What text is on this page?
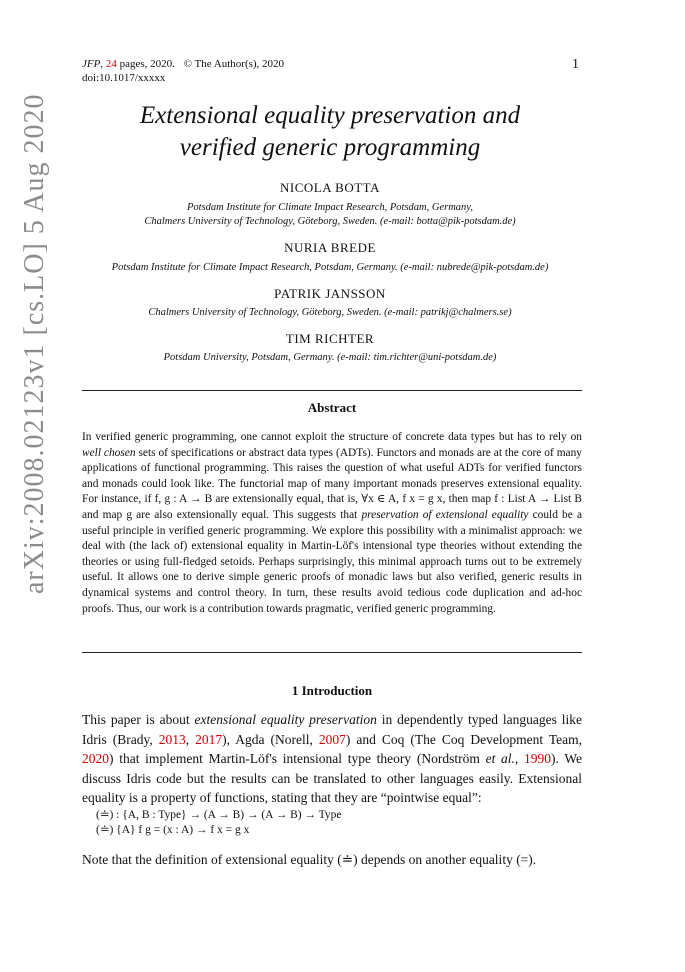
arXiv:2008.02123v1 [cs.LO] 5 Aug 2020
JFP, 24 pages, 2020. © The Author(s), 2020
doi:10.1017/xxxxx
1
Extensional equality preservation and
verified generic programming
NICOLA BOTTA
Potsdam Institute for Climate Impact Research, Potsdam, Germany,
Chalmers University of Technology, Göteborg, Sweden. (e-mail: botta@pik-potsdam.de)
NURIA BREDE
Potsdam Institute for Climate Impact Research, Potsdam, Germany. (e-mail: nubrede@pik-potsdam.de)
PATRIK JANSSON
Chalmers University of Technology, Göteborg, Sweden. (e-mail: patrikj@chalmers.se)
TIM RICHTER
Potsdam University, Potsdam, Germany. (e-mail: tim.richter@uni-potsdam.de)
Abstract

In verified generic programming, one cannot exploit the structure of concrete data types but has to rely on well chosen sets of specifications or abstract data types (ADTs). Functors and monads are at the core of many applications of functional programming. This raises the question of what useful ADTs for verified functors and monads could look like. The functorial map of many important monads preserves extensional equality. For instance, if f, g : A → B are extensionally equal, that is, ∀x ∈ A, f x = g x, then map f : List A → List B and map g are also extensionally equal. This suggests that preservation of extensional equality could be a useful principle in verified generic programming. We explore this possibility with a minimalist approach: we deal with (the lack of) extensional equality in Martin-Löf's intensional type theories without extending the theories or using full-fledged setoids. Perhaps surprisingly, this minimal approach turns out to be extremely useful. It allows one to derive simple generic proofs of monadic laws but also verified, generic results in dynamical systems and control theory. In turn, these results avoid tedious code duplication and ad-hoc proofs. Thus, our work is a contribution towards pragmatic, verified generic programming.

1 Introduction

This paper is about extensional equality preservation in dependently typed languages like Idris (Brady, 2013, 2017), Agda (Norell, 2007) and Coq (The Coq Development Team, 2020) that implement Martin-Löf's intensional type theory (Nordström et al., 1990). We discuss Idris code but the results can be translated to other languages easily. Extensional equality is a property of functions, stating that they are “pointwise equal”:

(≐) : {A, B : Type} → (A → B) → (A → B) → Type
(≐) {A} f g = (x : A) → f x = g x
Note that the definition of extensional equality (≐) depends on another equality (=).
